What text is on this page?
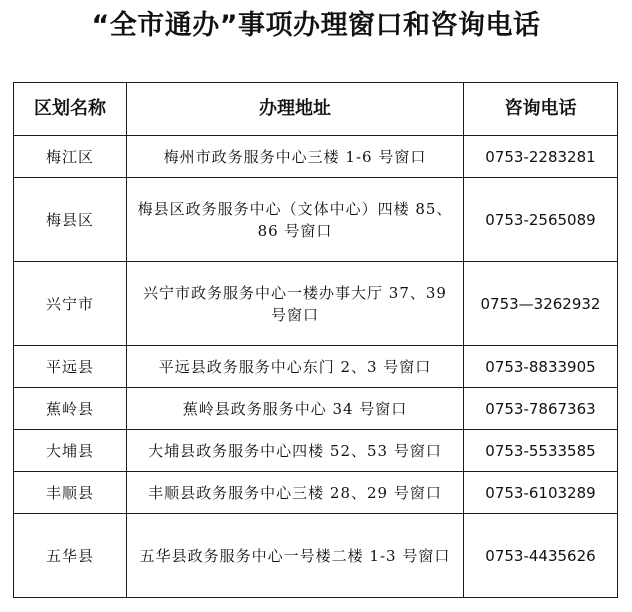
“全市通办”事项办理窗口和咨询电话
区划名称	办理地址	咨询电话
梅江区	梅州市政务服务中心三楼 1-6 号窗口	0753-2283281
梅县区	梅县区政务服务中心（文体中心）四楼 85、86 号窗口	0753-2565089
兴宁市	兴宁市政务服务中心一楼办事大厅 37、39 号窗口	0753—3262932
平远县	平远县政务服务中心东门 2、3 号窗口	0753-8833905
蕉岭县	蕉岭县政务服务中心 34 号窗口	0753-7867363
大埔县	大埔县政务服务中心四楼 52、53 号窗口	0753-5533585
丰顺县	丰顺县政务服务中心三楼 28、29 号窗口	0753-6103289
五华县	五华县政务服务中心一号楼二楼 1-3 号窗口	0753-4435626
